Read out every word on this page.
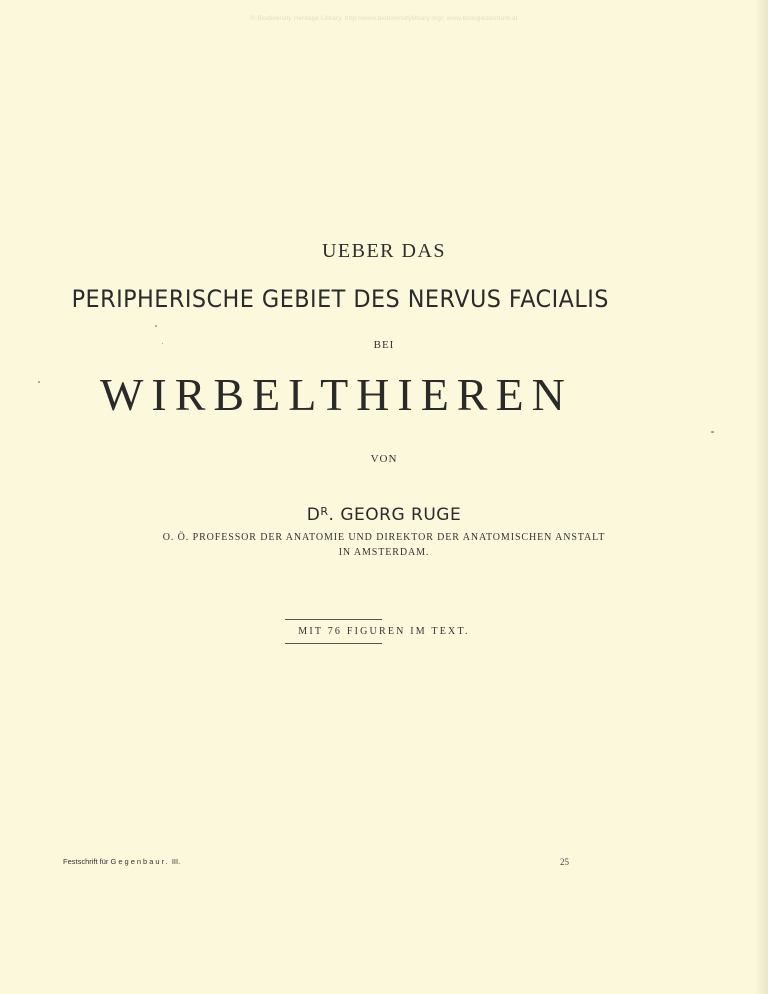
© Biodiversity Heritage Library, http://www.biodiversitylibrary.org/; www.biologiezentrum.at
UEBER DAS
PERIPHERISCHE GEBIET DES NERVUS FACIALIS
BEI
WIRBELTHIEREN
VON
$D^R$. GEORG RUGE
O. Ö. PROFESSOR DER ANATOMIE UND DIREKTOR DER ANATOMISCHEN ANSTALT
IN AMSTERDAM.
MIT 76 FIGUREN IM TEXT.
Festschrift für Gegenbaur. III.	25
